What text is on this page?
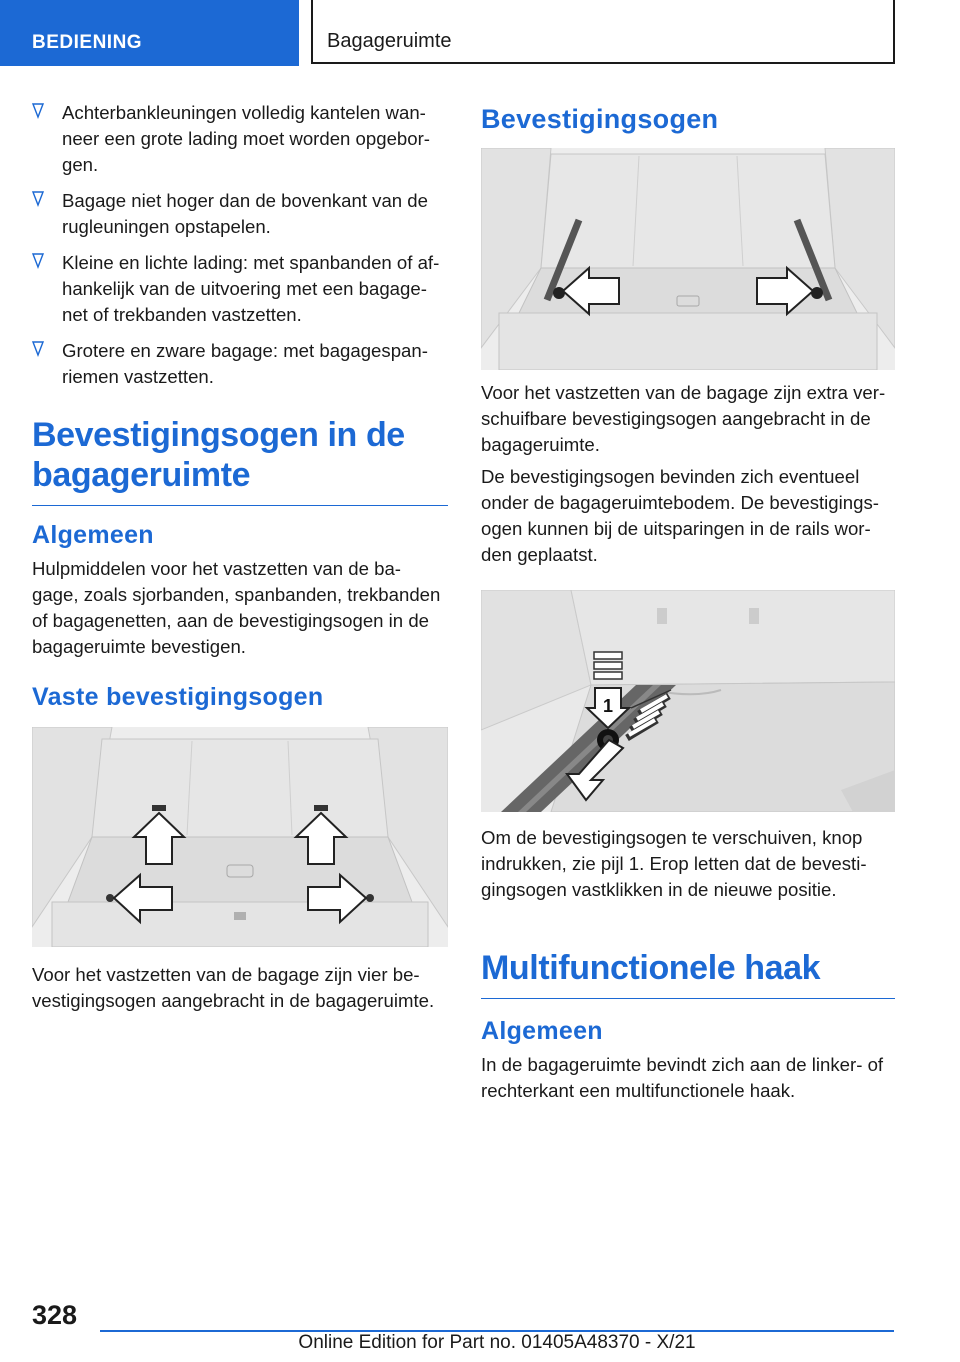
BEDIENING	Bagageruimte

Achterbankleuningen volledig kantelen wan-
neer een grote lading moet worden opgebor-
gen.

Bagage niet hoger dan de bovenkant van de
rugleuningen opstapelen.

Kleine en lichte lading: met spanbanden of af-
hankelijk van de uitvoering met een bagage-
net of trekbanden vastzetten.

Grotere en zware bagage: met bagagespan-
riemen vastzetten.

Bevestigingsogen in de bagageruimte
Algemeen

Hulpmiddelen voor het vastzetten van de ba-
gage, zoals sjorbanden, spanbanden, trekbanden
of bagagenetten, aan de bevestigingsogen in de
bagageruimte bevestigen.

Vaste bevestigingsogen

Voor het vastzetten van de bagage zijn vier be-
vestigingsogen aangebracht in de bagageruimte.

Bevestigingsogen

Voor het vastzetten van de bagage zijn extra ver-
schuifbare bevestigingsogen aangebracht in de
bagageruimte.

De bevestigingsogen bevinden zich eventueel
onder de bagageruimtebodem. De bevestigings-
ogen kunnen bij de uitsparingen in de rails wor-
den geplaatst.

1

Om de bevestigingsogen te verschuiven, knop
indrukken, zie pijl 1. Erop letten dat de bevesti-
gingsogen vastklikken in de nieuwe positie.

Multifunctionele haak
Algemeen

In de bagageruimte bevindt zich aan de linker- of
rechterkant een multifunctionele haak.

328
Online Edition for Part no. 01405A48370 - X/21
